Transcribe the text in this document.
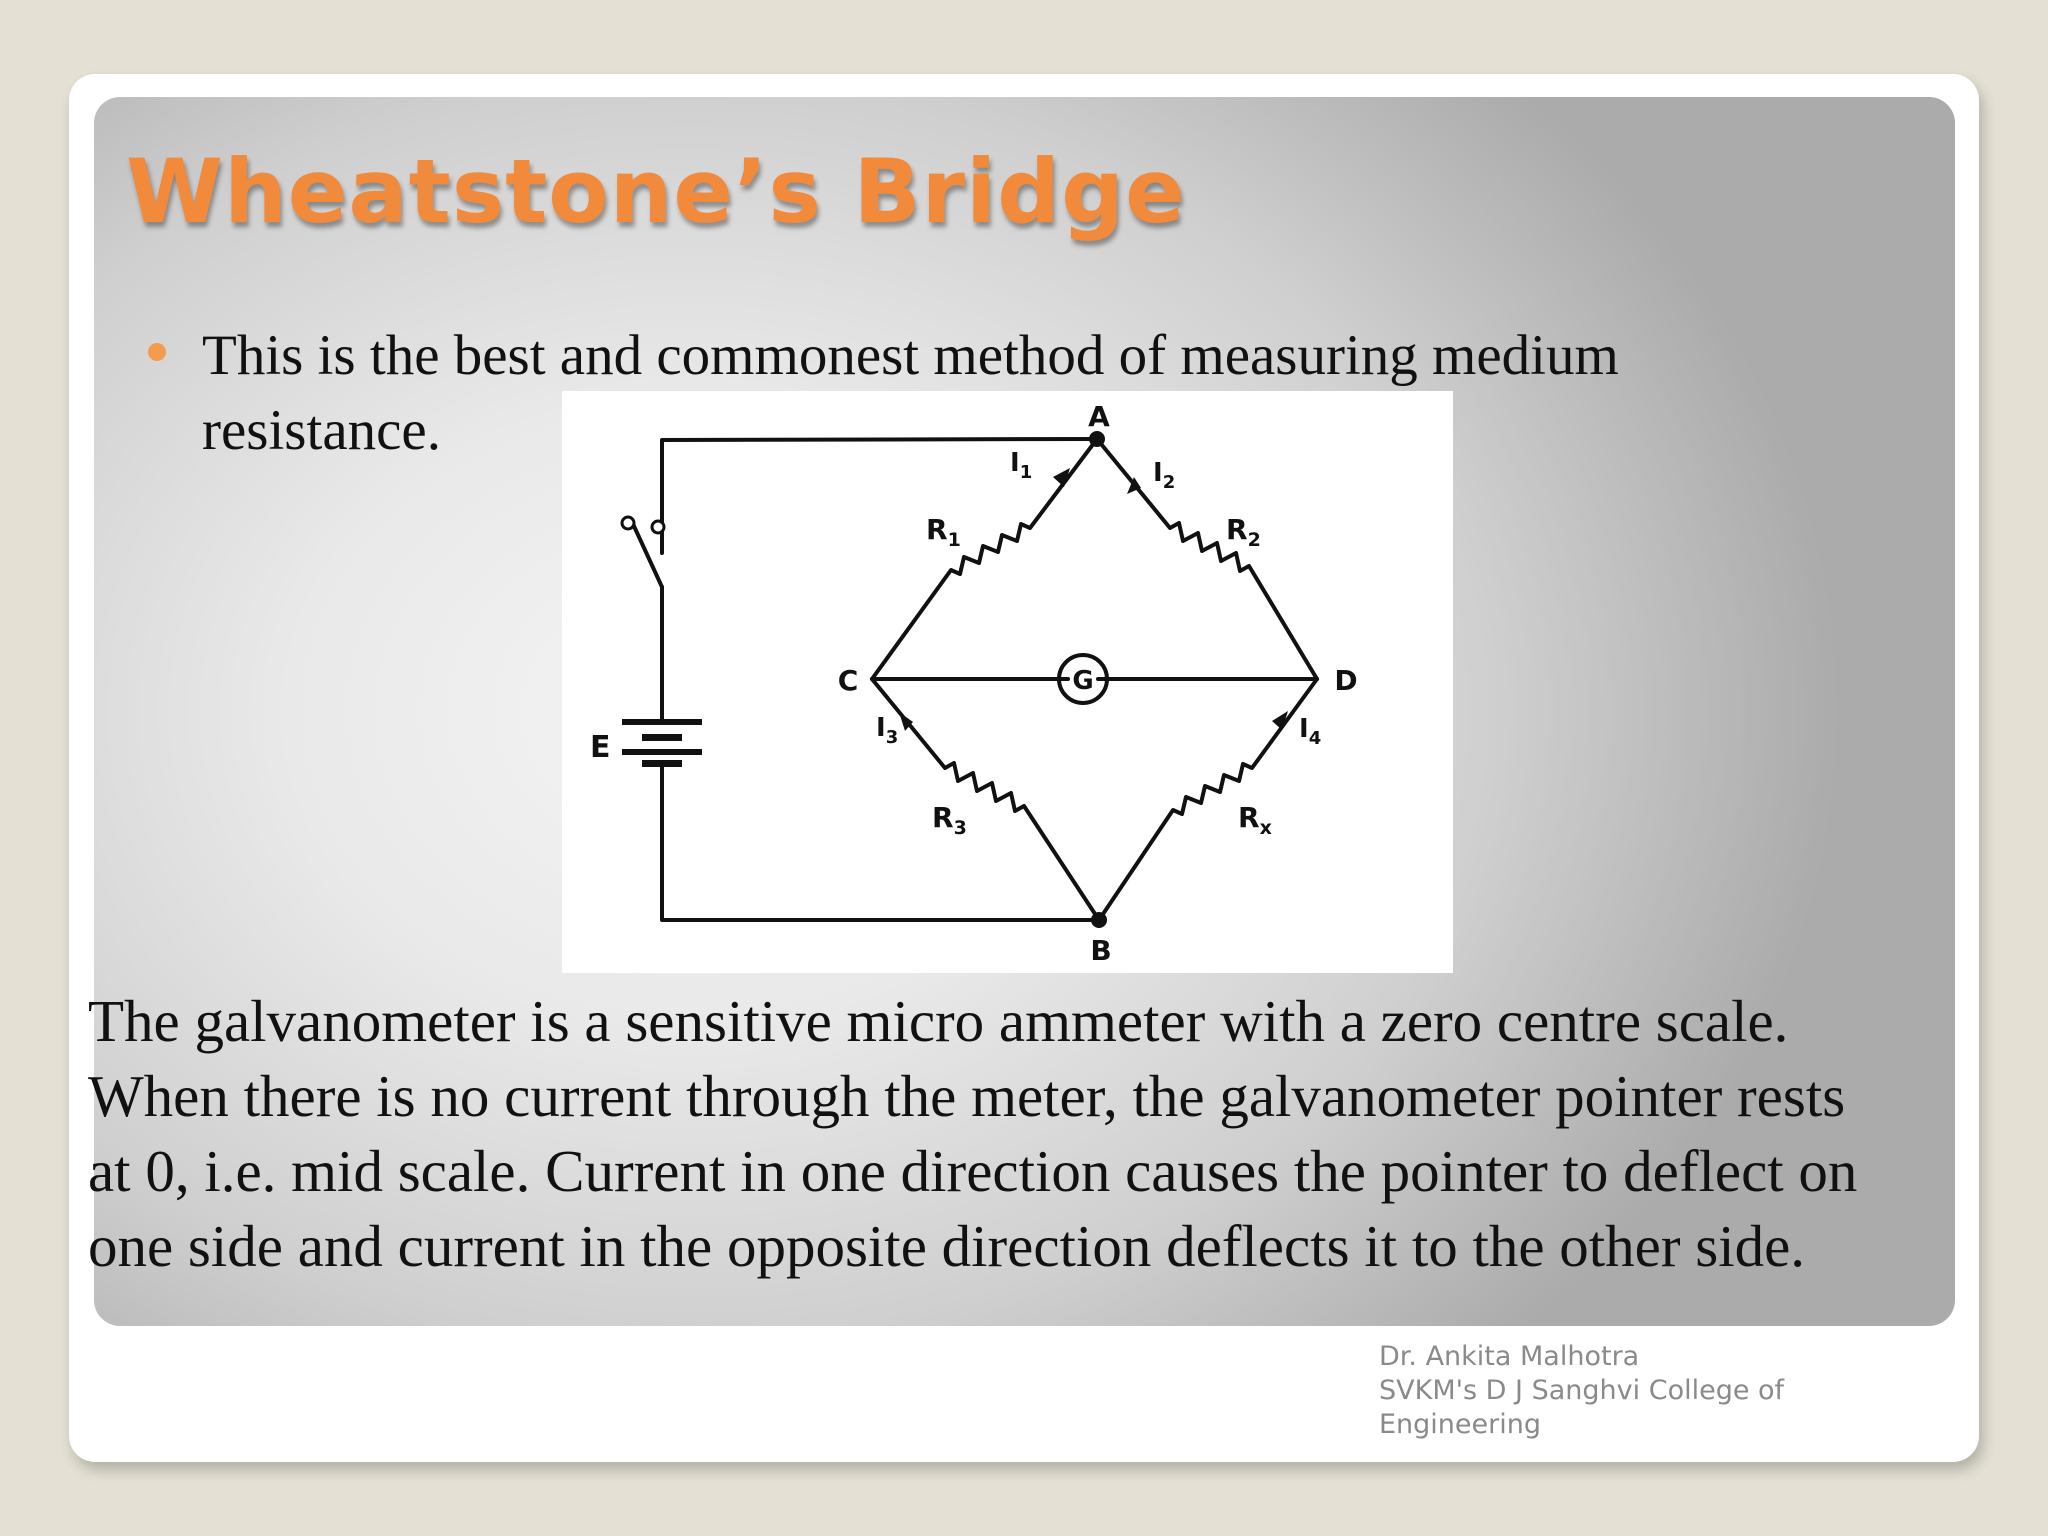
Wheatstone’s Bridge

This is the best and commonest method of measuring medium resistance.	A
B
C	D
E
G
$R_1$	$R_2$
$R_3$	$R_x$
$I_1$	$I_2$
$I_3$	$I_4$

The galvanometer is a sensitive micro ammeter with a zero centre scale.
When there is no current through the meter, the galvanometer pointer rests
at 0, i.e. mid scale. Current in one direction causes the pointer to deflect on
one side and current in the opposite direction deflects it to the other side.

Dr. Ankita Malhotra
SVKM's D J Sanghvi College of
Engineering
